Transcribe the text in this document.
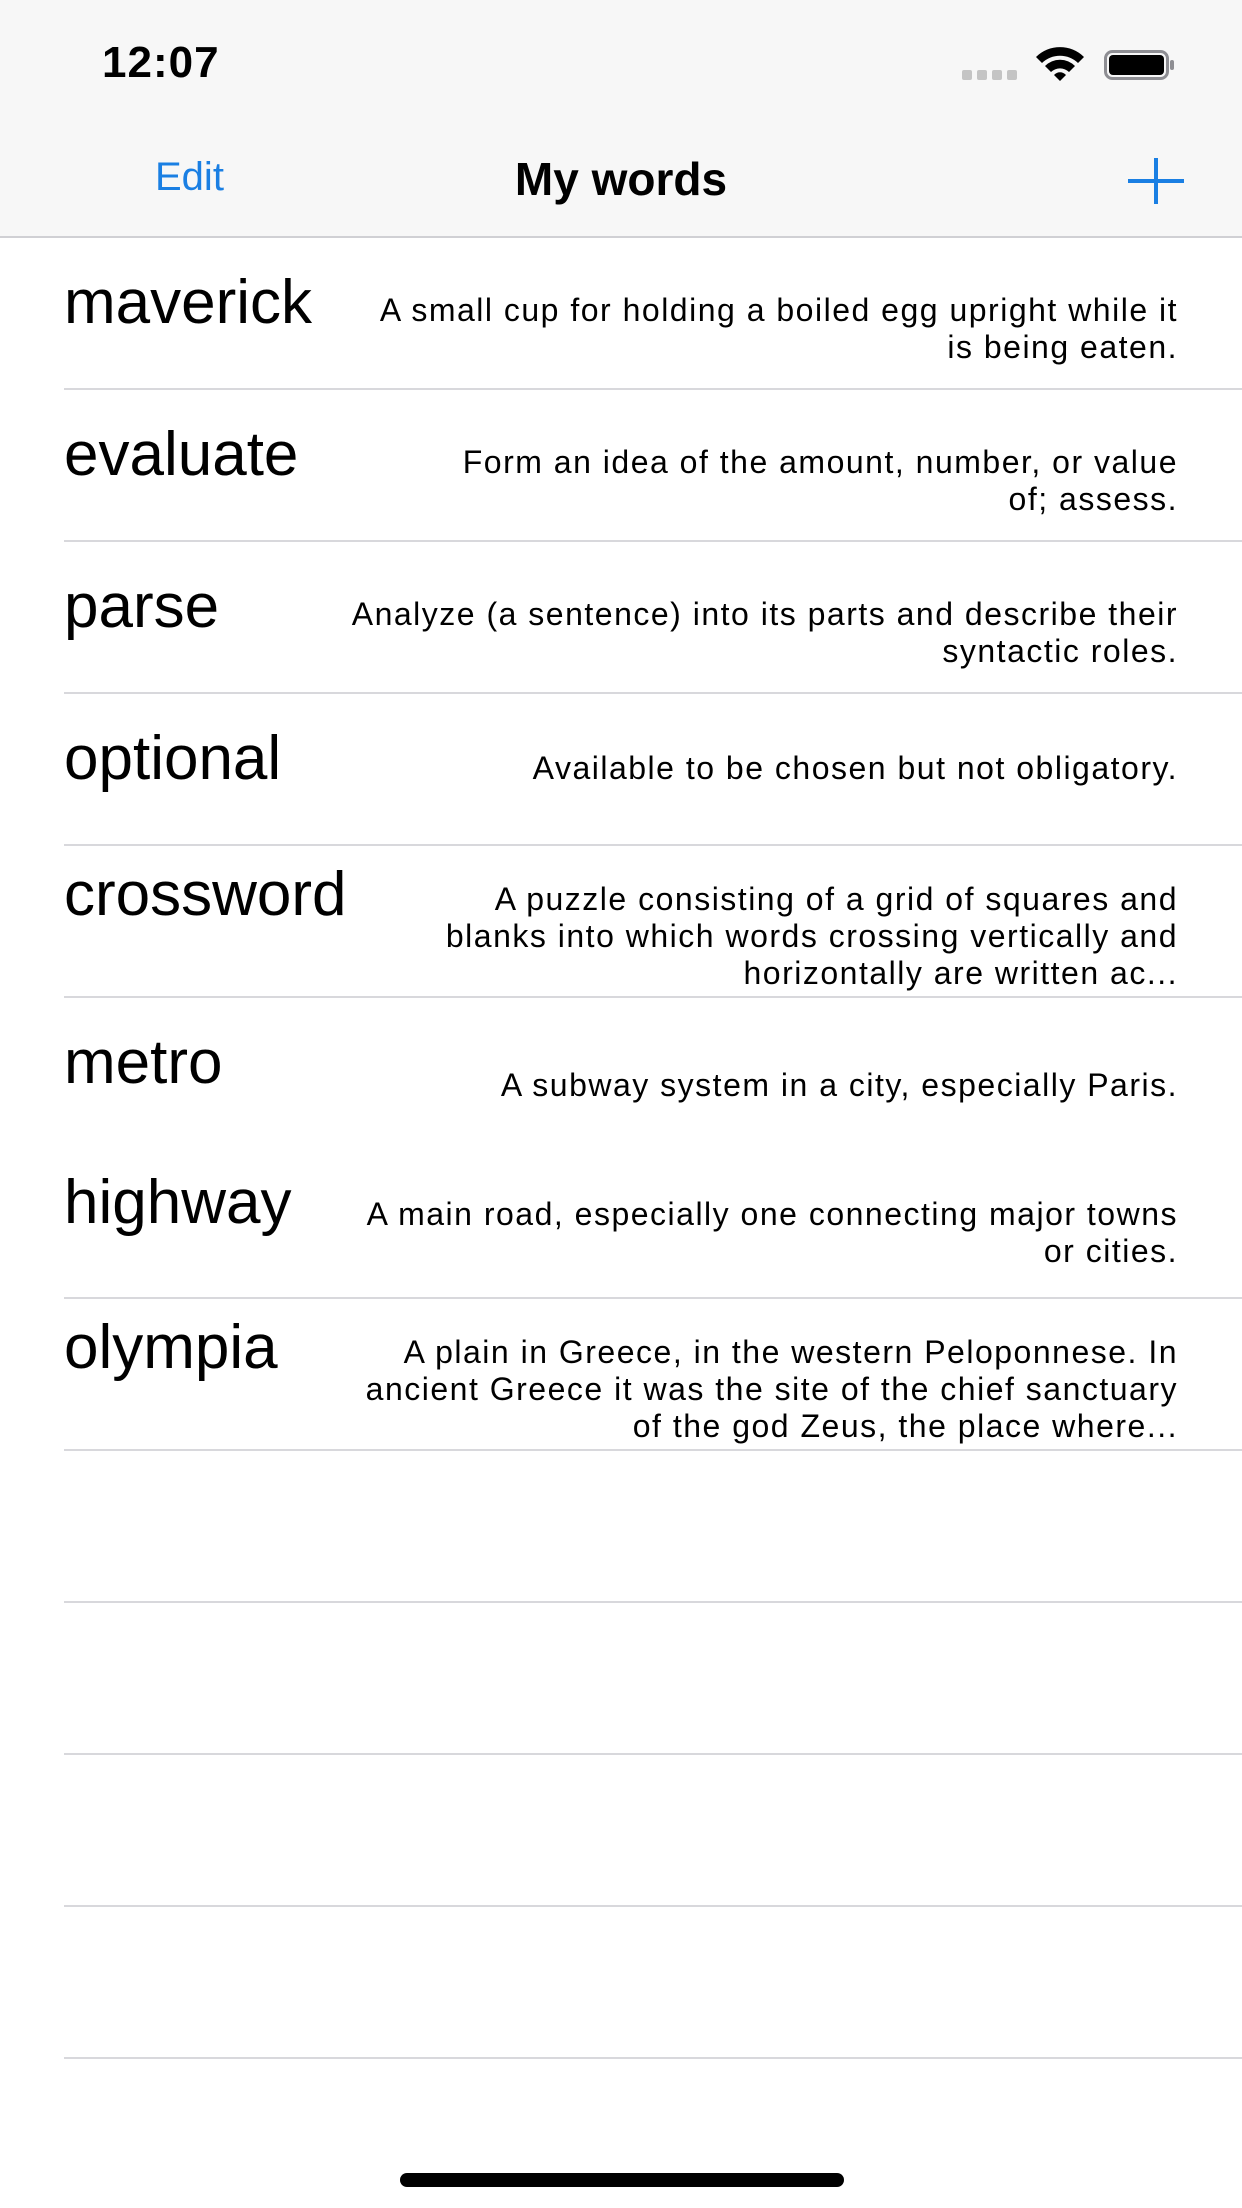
12:07
Edit	My words
maverick A small cup for holding a boiled egg upright while it is being eaten.
evaluate	Form an idea of the amount, number, or value of; assess.
parse	Analyze (a sentence) into its parts and describe their syntactic roles.
optional	Available to be chosen but not obligatory.
crossword	A puzzle consisting of a grid of squares and blanks into which words crossing vertically and horizontally are written ac...
metro	A subway system in a city, especially Paris.
highway A main road, especially one connecting major towns or cities.
olympia	A plain in Greece, in the western Peloponnese. In ancient Greece it was the site of the chief sanctuary of the god Zeus, the place where...
